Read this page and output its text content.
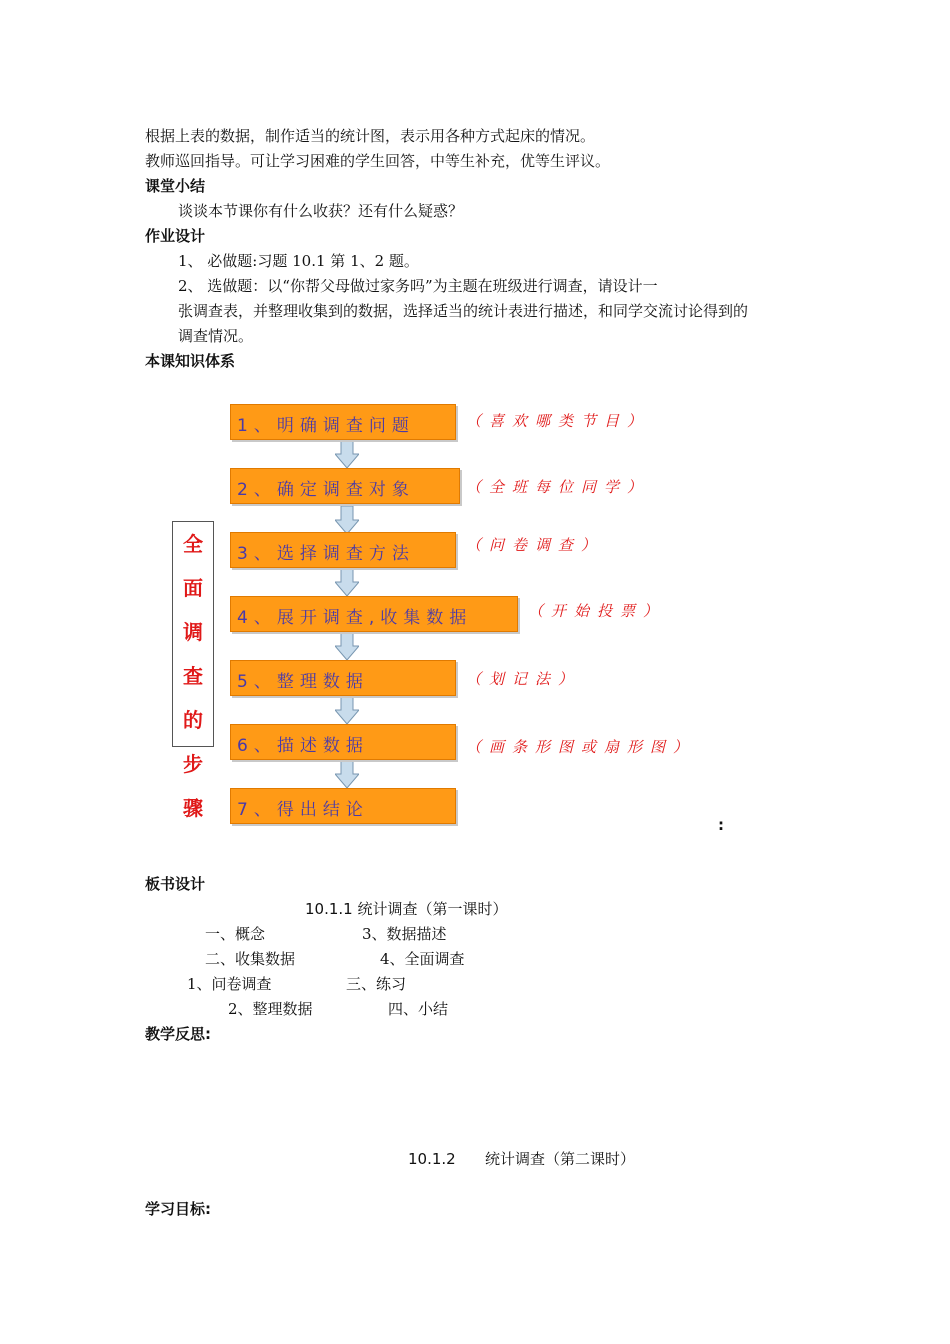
根据上表的数据，制作适当的统计图，表示用各种方式起床的情况。
教师巡回指导。可让学习困难的学生回答，中等生补充，优等生评议。
课堂小结
谈谈本节课你有什么收获？还有什么疑惑？
作业设计
1、 必做题:习题 10.1 第 1、2 题。
2、 选做题：以“你帮父母做过家务吗”为主题在班级进行调查，请设计一
张调查表，并整理收集到的数据，选择适当的统计表进行描述，和同学交流讨论得到的
调查情况。
本课知识体系
全
面
调
查
的
步
骤
1、明确调查问题	（喜欢哪类节目）
2、确定调查对象	（全班每位同学）
3、选择调查方法	（问卷调查）
4、展开调查,收集数据	（开始投票）
5、整理数据	（划记法）
6、描述数据	（画条形图或扇形图）
7、得出结论
:
板书设计
10.1.1 统计调查（第一课时）
一、概念	3、数据描述
二、收集数据	4、全面调查
1、问卷调查	三、练习
2、整理数据	四、小结
教学反思:
10.1.2 统计调查（第二课时）
学习目标:
